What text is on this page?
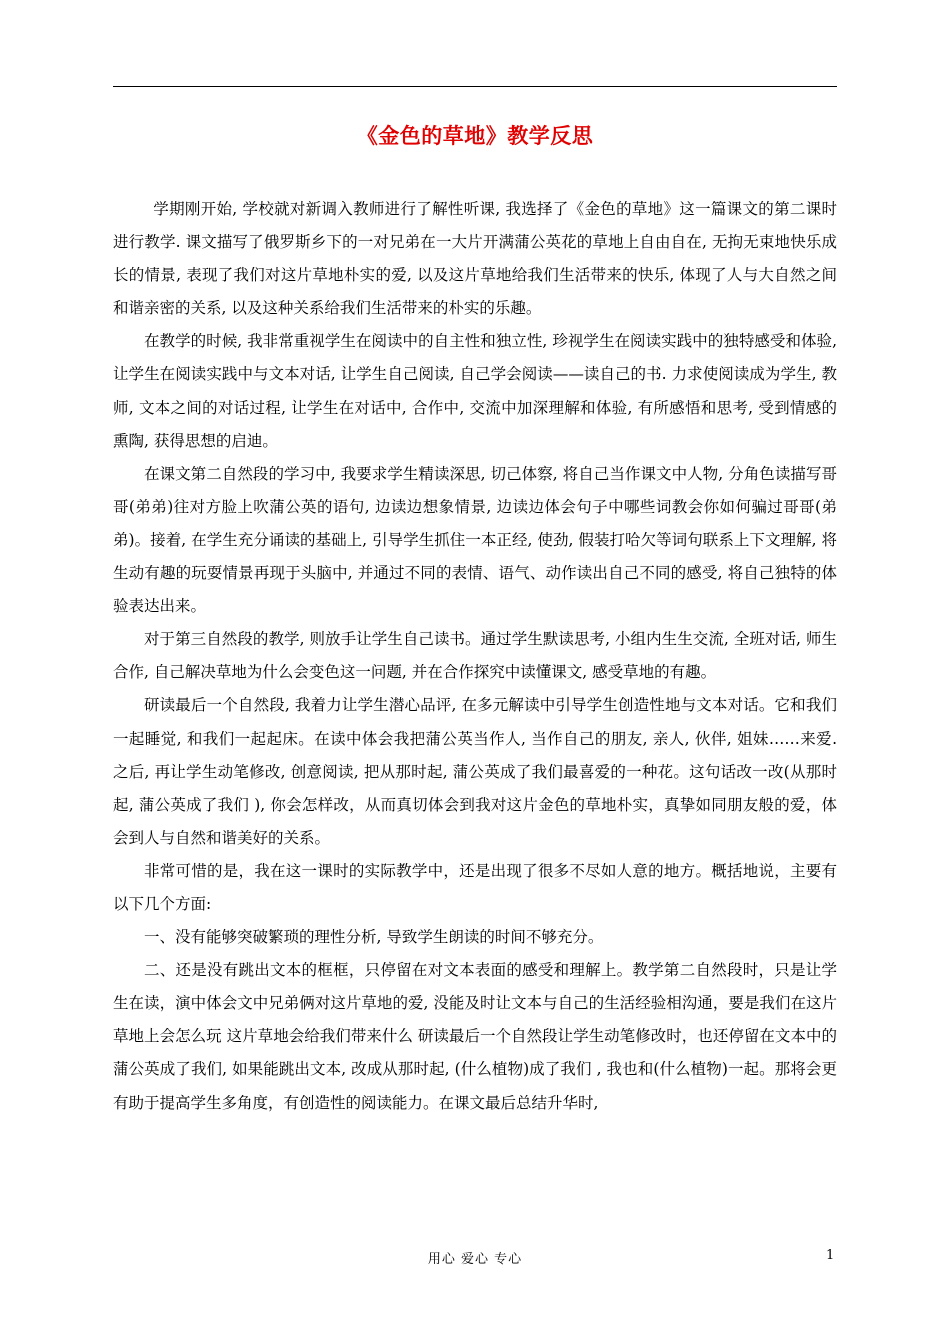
《金色的草地》教学反思

学期刚开始, 学校就对新调入教师进行了解性听课, 我选择了《金色的草地》这一篇课文的第二课时进行教学. 课文描写了俄罗斯乡下的一对兄弟在一大片开满蒲公英花的草地上自由自在, 无拘无束地快乐成长的情景, 表现了我们对这片草地朴实的爱, 以及这片草地给我们生活带来的快乐, 体现了人与大自然之间和谐亲密的关系, 以及这种关系给我们生活带来的朴实的乐趣。

在教学的时候, 我非常重视学生在阅读中的自主性和独立性, 珍视学生在阅读实践中的独特感受和体验, 让学生在阅读实践中与文本对话, 让学生自己阅读, 自己学会阅读——读自己的书. 力求使阅读成为学生, 教师, 文本之间的对话过程, 让学生在对话中, 合作中, 交流中加深理解和体验, 有所感悟和思考, 受到情感的熏陶, 获得思想的启迪。

在课文第二自然段的学习中, 我要求学生精读深思, 切己体察, 将自己当作课文中人物, 分角色读描写哥哥(弟弟)往对方脸上吹蒲公英的语句, 边读边想象情景, 边读边体会句子中哪些词教会你如何骗过哥哥(弟弟)。接着, 在学生充分诵读的基础上, 引导学生抓住一本正经, 使劲, 假装打哈欠等词句联系上下文理解, 将生动有趣的玩耍情景再现于头脑中, 并通过不同的表情、语气、动作读出自己不同的感受, 将自己独特的体验表达出来。

对于第三自然段的教学, 则放手让学生自己读书。通过学生默读思考, 小组内生生交流, 全班对话, 师生合作, 自己解决草地为什么会变色这一问题, 并在合作探究中读懂课文, 感受草地的有趣。

研读最后一个自然段, 我着力让学生潜心品评, 在多元解读中引导学生创造性地与文本对话。它和我们一起睡觉, 和我们一起起床。在读中体会我把蒲公英当作人, 当作自己的朋友, 亲人, 伙伴, 姐妹……来爱. 之后, 再让学生动笔修改, 创意阅读, 把从那时起, 蒲公英成了我们最喜爱的一种花。这句话改一改(从那时起, 蒲公英成了我们 ), 你会怎样改，从而真切体会到我对这片金色的草地朴实，真挚如同朋友般的爱，体会到人与自然和谐美好的关系。

非常可惜的是，我在这一课时的实际教学中，还是出现了很多不尽如人意的地方。概括地说，主要有以下几个方面:

一、没有能够突破繁琐的理性分析, 导致学生朗读的时间不够充分。

二、还是没有跳出文本的框框，只停留在对文本表面的感受和理解上。教学第二自然段时，只是让学生在读，演中体会文中兄弟俩对这片草地的爱, 没能及时让文本与自己的生活经验相沟通，要是我们在这片草地上会怎么玩 这片草地会给我们带来什么 研读最后一个自然段让学生动笔修改时，也还停留在文本中的蒲公英成了我们, 如果能跳出文本, 改成从那时起, (什么植物)成了我们 , 我也和(什么植物)一起。那将会更有助于提高学生多角度，有创造性的阅读能力。在课文最后总结升华时,

用心 爱心 专心	1
